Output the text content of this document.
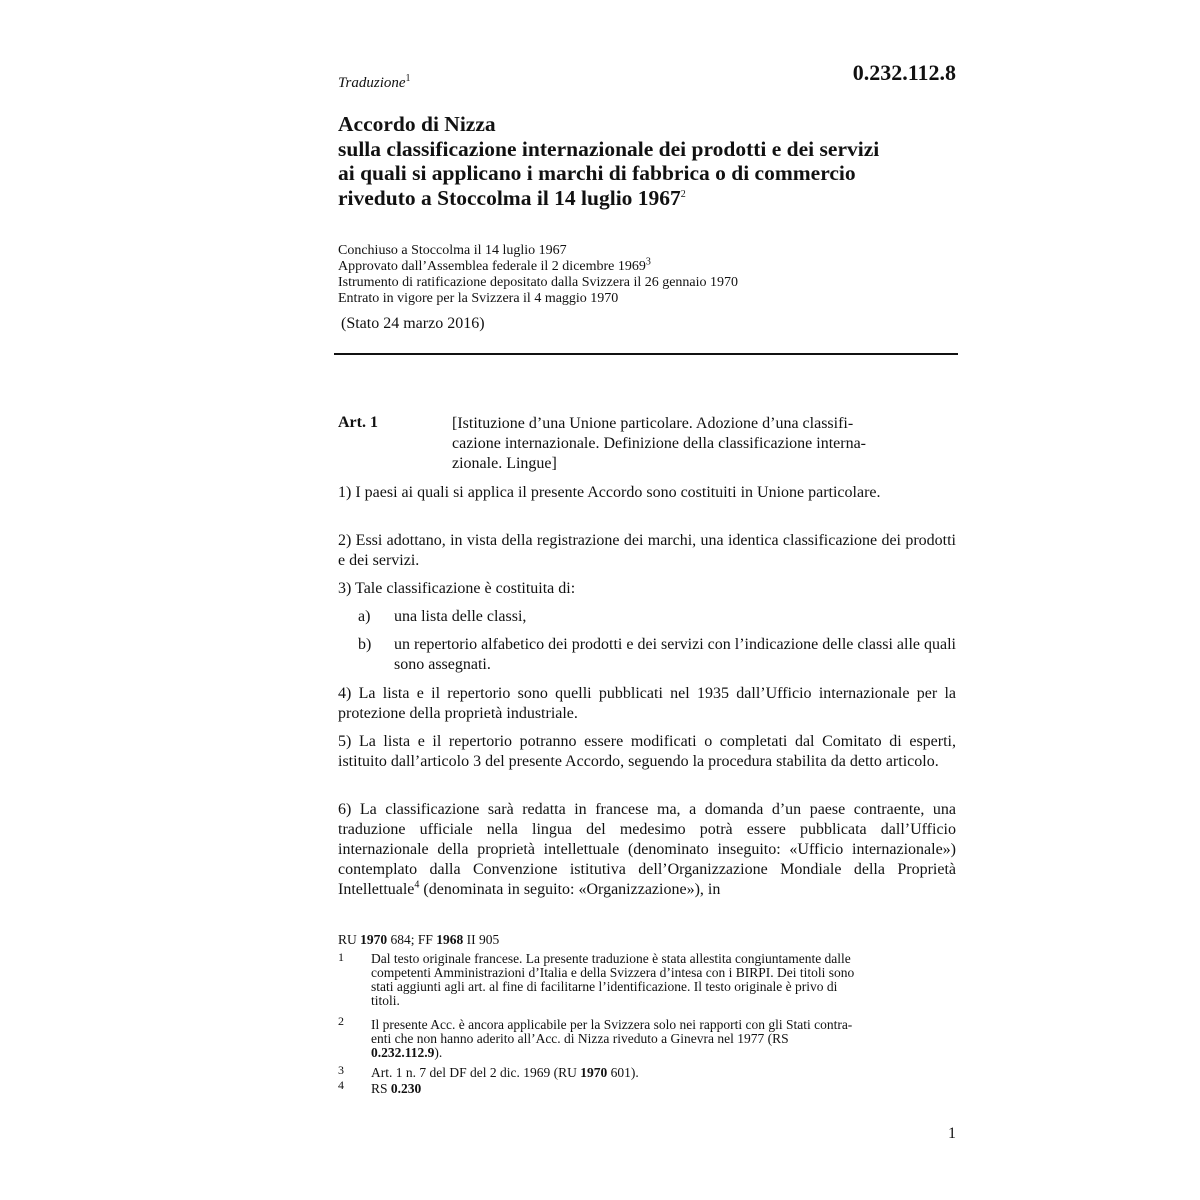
0.232.112.8
Traduzione$^1$
Accordo di Nizza
sulla classificazione internazionale dei prodotti e dei servizi
ai quali si applicano i marchi di fabbrica o di commercio
riveduto a Stoccolma il 14 luglio 1967$^2$
Conchiuso a Stoccolma il 14 luglio 1967
Approvato dall’Assemblea federale il 2 dicembre 1969$^3$
Istrumento di ratificazione depositato dalla Svizzera il 26 gennaio 1970
Entrato in vigore per la Svizzera il 4 maggio 1970
(Stato 24 marzo 2016)
Art. 1	[Istituzione d’una Unione particolare. Adozione d’una classifi-
cazione internazionale. Definizione della classificazione interna-
zionale. Lingue]
1) I paesi ai quali si applica il presente Accordo sono costituiti in Unione particolare.
2) Essi adottano, in vista della registrazione dei marchi, una identica classificazione dei prodotti e dei servizi.
3) Tale classificazione è costituita di:
a) una lista delle classi,
b) un repertorio alfabetico dei prodotti e dei servizi con l’indicazione delle classi alle quali sono assegnati.
4) La lista e il repertorio sono quelli pubblicati nel 1935 dall’Ufficio internazionale per la protezione della proprietà industriale.
5) La lista e il repertorio potranno essere modificati o completati dal Comitato di esperti, istituito dall’articolo 3 del presente Accordo, seguendo la procedura stabilita da detto articolo.
6) La classificazione sarà redatta in francese ma, a domanda d’un paese contraente, una traduzione ufficiale nella lingua del medesimo potrà essere pubblicata dall’Ufficio internazionale della proprietà intellettuale (denominato inseguito: «Ufficio internazionale») contemplato dalla Convenzione istitutiva dell’Organizzazione Mondiale della Proprietà Intellettuale$^4$ (denominata in seguito: «Organizzazione»), in
RU 1970 684; FF 1968 II 905
1 Dal testo originale francese. La presente traduzione è stata allestita congiuntamente dalle
competenti Amministrazioni d’Italia e della Svizzera d’intesa con i BIRPI. Dei titoli sono
stati aggiunti agli art. al fine di facilitarne l’identificazione. Il testo originale è privo di
titoli.
2 Il presente Acc. è ancora applicabile per la Svizzera solo nei rapporti con gli Stati contra-
enti che non hanno aderito all’Acc. di Nizza riveduto a Ginevra nel 1977 (RS
0.232.112.9).
3 Art. 1 n. 7 del DF del 2 dic. 1969 (RU 1970 601).
4 RS 0.230
1
